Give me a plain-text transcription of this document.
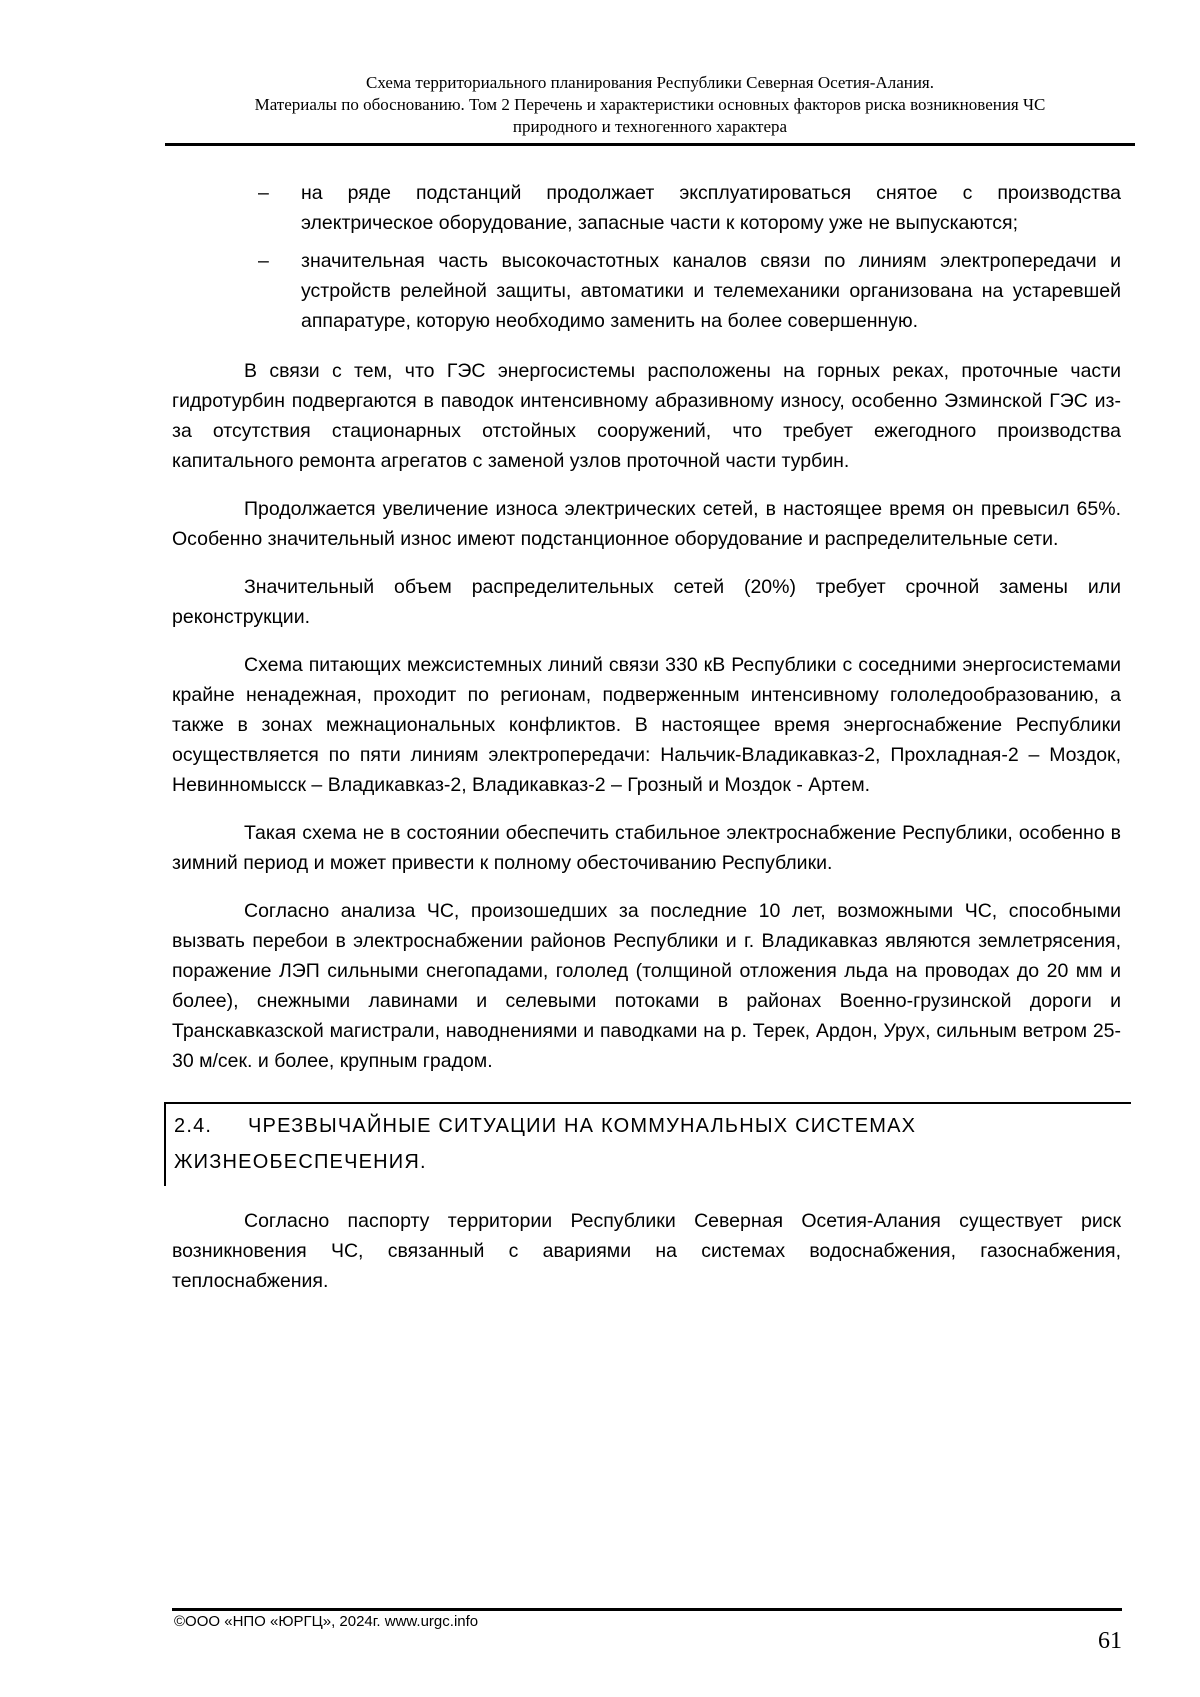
Схема территориального планирования Республики Северная Осетия-Алания.
Материалы по обоснованию. Том 2 Перечень и характеристики основных факторов риска возникновения ЧС
природного и техногенного характера
– на ряде подстанций продолжает эксплуатироваться снятое с производства электрическое оборудование, запасные части к которому уже не выпускаются;
– значительная часть высокочастотных каналов связи по линиям электропередачи и устройств релейной защиты, автоматики и телемеханики организована на устаревшей аппаратуре, которую необходимо заменить на более совершенную.

В связи с тем, что ГЭС энергосистемы расположены на горных реках, проточные части гидротурбин подвергаются в паводок интенсивному абразивному износу, особенно Эзминской ГЭС из-за отсутствия стационарных отстойных сооружений, что требует ежегодного производства капитального ремонта агрегатов с заменой узлов проточной части турбин.

Продолжается увеличение износа электрических сетей, в настоящее время он превысил 65%. Особенно значительный износ имеют подстанционное оборудование и распределительные сети.

Значительный объем распределительных сетей (20%) требует срочной замены или реконструкции.

Схема питающих межсистемных линий связи 330 кВ Республики с соседними энергосистемами крайне ненадежная, проходит по регионам, подверженным интенсивному гололедообразованию, а также в зонах межнациональных конфликтов. В настоящее время энергоснабжение Республики осуществляется по пяти линиям электропередачи: Нальчик-Владикавказ-2, Прохладная-2 – Моздок, Невинномысск – Владикавказ-2, Владикавказ-2 – Грозный и Моздок - Артем.

Такая схема не в состоянии обеспечить стабильное электроснабжение Республики, особенно в зимний период и может привести к полному обесточиванию Республики.

Согласно анализа ЧС, произошедших за последние 10 лет, возможными ЧС, способными вызвать перебои в электроснабжении районов Республики и г. Владикавказ являются землетрясения, поражение ЛЭП сильными снегопадами, гололед (толщиной отложения льда на проводах до 20 мм и более), снежными лавинами и селевыми потоками в районах Военно-грузинской дороги и Транскавказской магистрали, наводнениями и паводками на р. Терек, Ардон, Урух, сильным ветром 25-30 м/сек. и более, крупным градом.

2.4. ЧРЕЗВЫЧАЙНЫЕ СИТУАЦИИ НА КОММУНАЛЬНЫХ СИСТЕМАХ
ЖИЗНЕОБЕСПЕЧЕНИЯ.

Согласно паспорту территории Республики Северная Осетия-Алания существует риск возникновения ЧС, связанный с авариями на системах водоснабжения, газоснабжения, теплоснабжения.

©ООО «НПО «ЮРГЦ», 2024г. www.urgc.info
61
